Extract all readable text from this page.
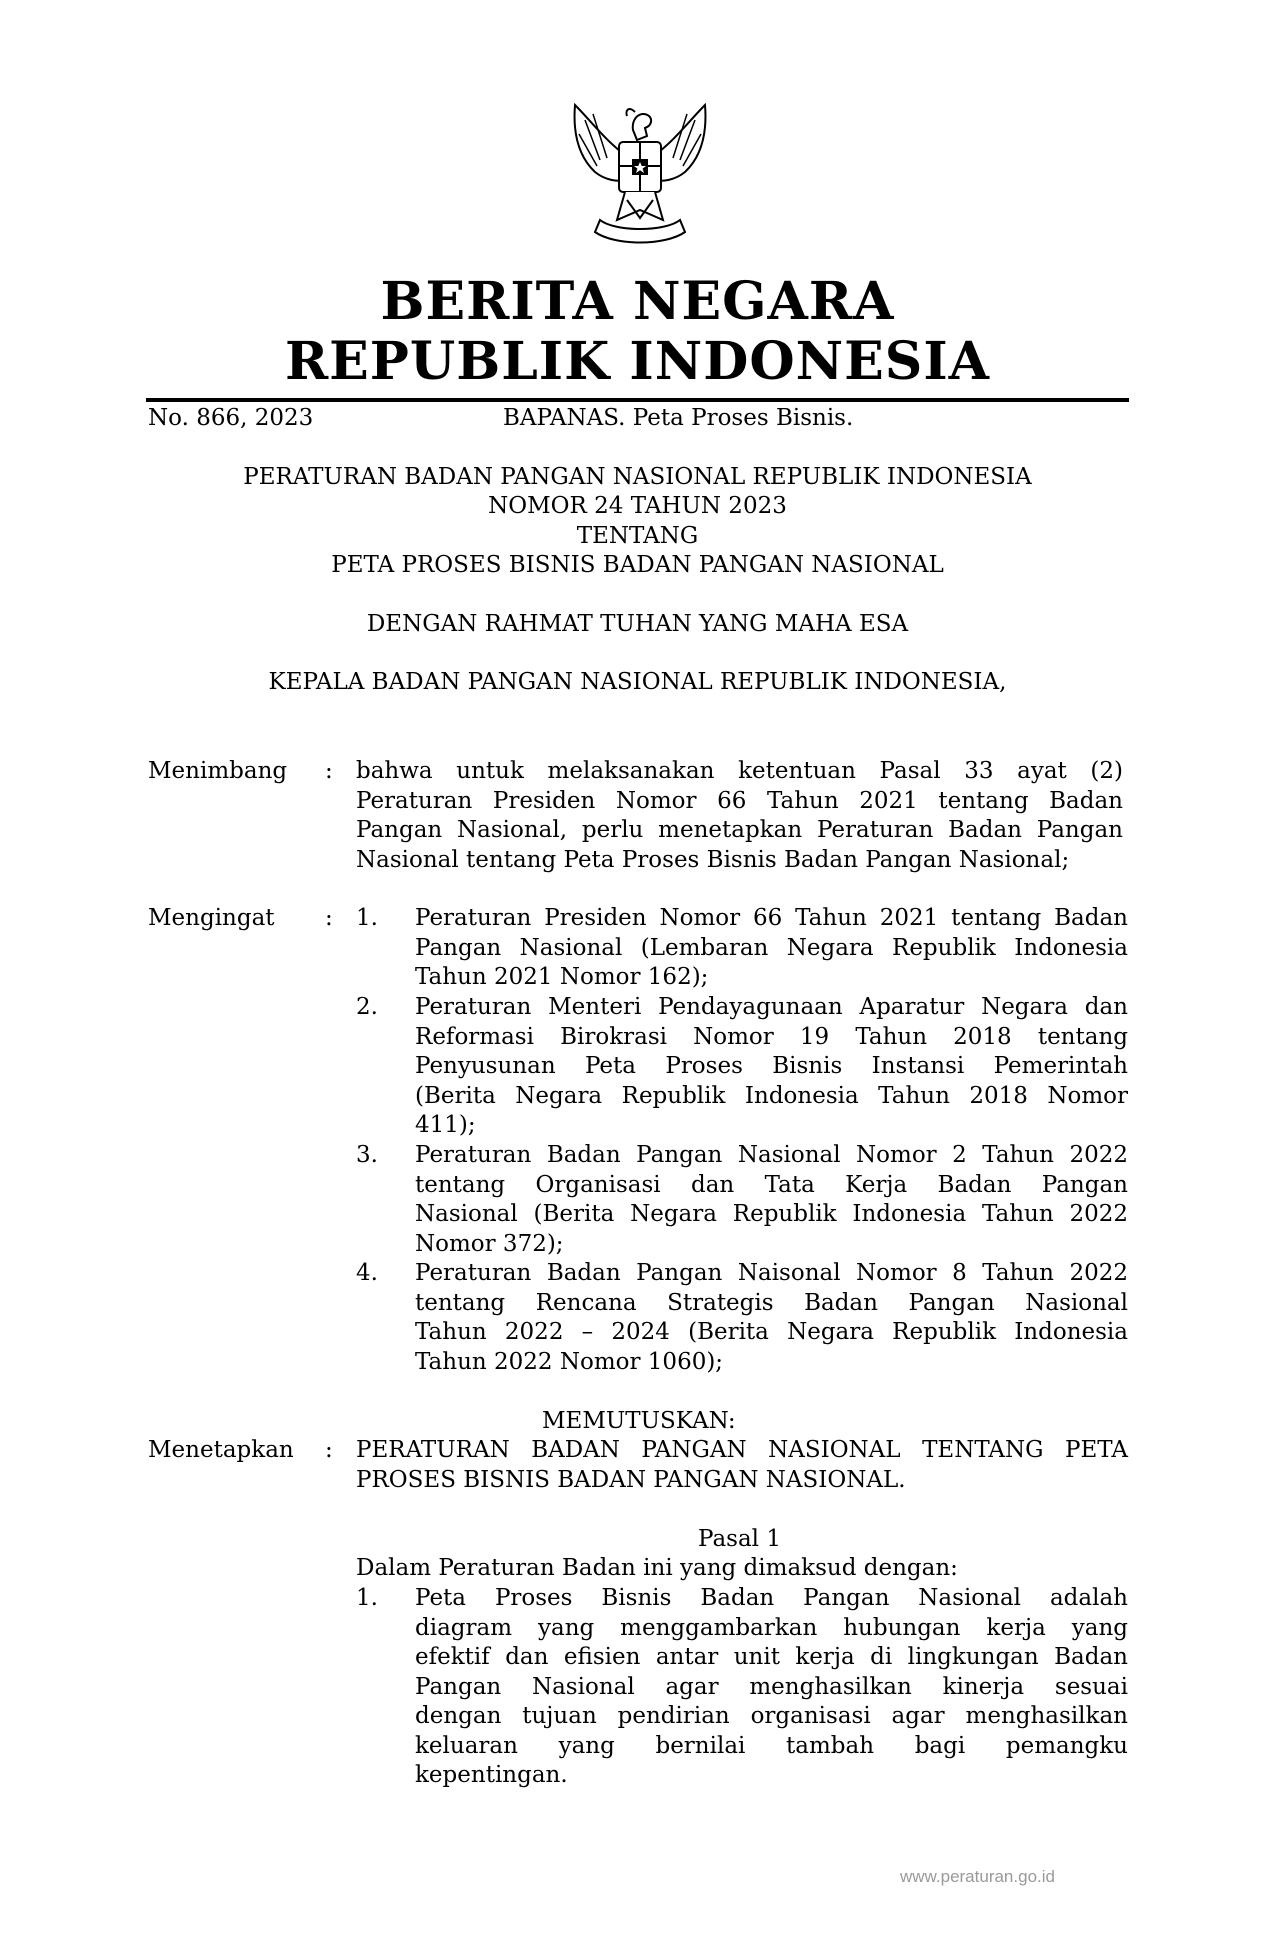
BERITA NEGARA
REPUBLIK INDONESIA
No. 866, 2023	BAPANAS. Peta Proses Bisnis.
PERATURAN BADAN PANGAN NASIONAL REPUBLIK INDONESIA
NOMOR 24 TAHUN 2023
TENTANG
PETA PROSES BISNIS BADAN PANGAN NASIONAL
DENGAN RAHMAT TUHAN YANG MAHA ESA
KEPALA BADAN PANGAN NASIONAL REPUBLIK INDONESIA,
Menimbang : bahwa untuk melaksanakan ketentuan Pasal 33 ayat (2)
Peraturan Presiden Nomor 66 Tahun 2021 tentang Badan
Pangan Nasional, perlu menetapkan Peraturan Badan Pangan
Nasional tentang Peta Proses Bisnis Badan Pangan Nasional;
Mengingat : 1. Peraturan Presiden Nomor 66 Tahun 2021 tentang Badan
Pangan Nasional (Lembaran Negara Republik Indonesia
Tahun 2021 Nomor 162);
2. Peraturan Menteri Pendayagunaan Aparatur Negara dan
Reformasi Birokrasi Nomor 19 Tahun 2018 tentang
Penyusunan Peta Proses Bisnis Instansi Pemerintah
(Berita Negara Republik Indonesia Tahun 2018 Nomor
411);
3. Peraturan Badan Pangan Nasional Nomor 2 Tahun 2022
tentang Organisasi dan Tata Kerja Badan Pangan
Nasional (Berita Negara Republik Indonesia Tahun 2022
Nomor 372);
4. Peraturan Badan Pangan Naisonal Nomor 8 Tahun 2022
tentang Rencana Strategis Badan Pangan Nasional
Tahun 2022 – 2024 (Berita Negara Republik Indonesia
Tahun 2022 Nomor 1060);
MEMUTUSKAN:
Menetapkan : PERATURAN BADAN PANGAN NASIONAL TENTANG PETA
PROSES BISNIS BADAN PANGAN NASIONAL.
Pasal 1
Dalam Peraturan Badan ini yang dimaksud dengan:
1. Peta Proses Bisnis Badan Pangan Nasional adalah
diagram yang menggambarkan hubungan kerja yang
efektif dan efisien antar unit kerja di lingkungan Badan
Pangan Nasional agar menghasilkan kinerja sesuai
dengan tujuan pendirian organisasi agar menghasilkan
keluaran yang bernilai tambah bagi pemangku
kepentingan.
www.peraturan.go.id
